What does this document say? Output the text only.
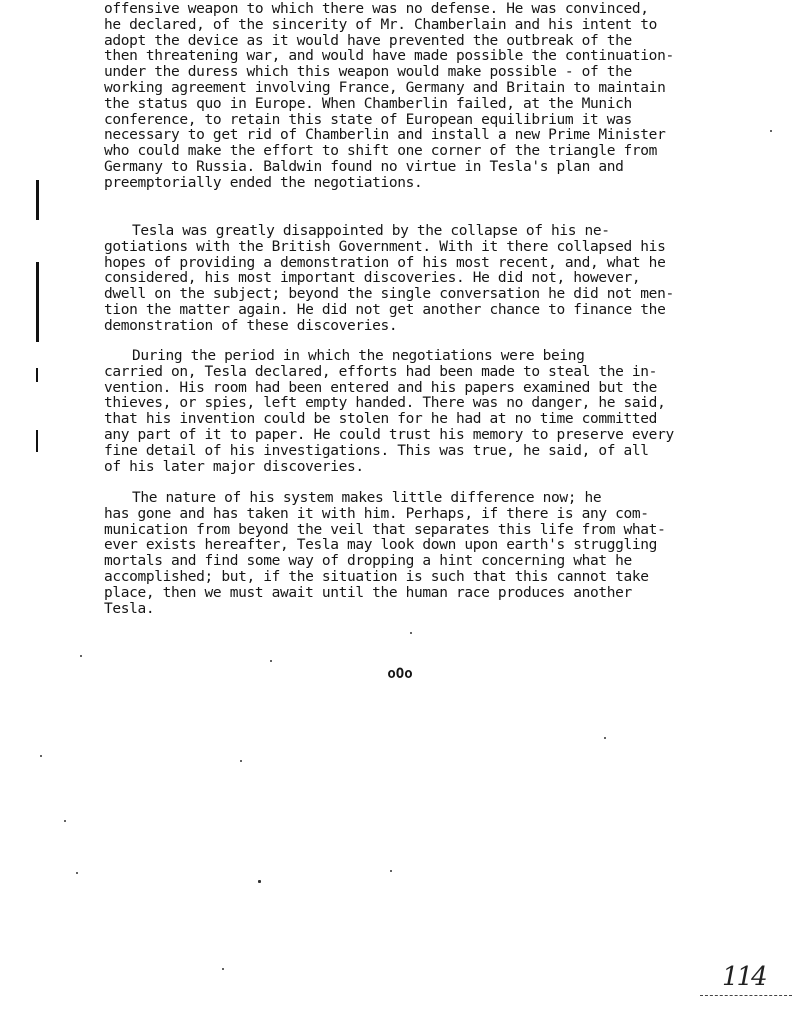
offensive weapon to which there was no defense. He was convinced,
he declared, of the sincerity of Mr. Chamberlain and his intent to
adopt the device as it would have prevented the outbreak of the
then threatening war, and would have made possible the continuation-
under the duress which this weapon would make possible - of the
working agreement involving France, Germany and Britain to maintain
the status quo in Europe. When Chamberlin failed, at the Munich
conference, to retain this state of European equilibrium it was
necessary to get rid of Chamberlin and install a new Prime Minister
who could make the effort to shift one corner of the triangle from
Germany to Russia. Baldwin found no virtue in Tesla's plan and
preemptorially ended the negotiations.
Tesla was greatly disappointed by the collapse of his ne-
gotiations with the British Government. With it there collapsed his
hopes of providing a demonstration of his most recent, and, what he
considered, his most important discoveries. He did not, however,
dwell on the subject; beyond the single conversation he did not men-
tion the matter again. He did not get another chance to finance the
demonstration of these discoveries.
During the period in which the negotiations were being
carried on, Tesla declared, efforts had been made to steal the in-
vention. His room had been entered and his papers examined but the
thieves, or spies, left empty handed. There was no danger, he said,
that his invention could be stolen for he had at no time committed
any part of it to paper. He could trust his memory to preserve every
fine detail of his investigations. This was true, he said, of all
of his later major discoveries.
The nature of his system makes little difference now; he
has gone and has taken it with him. Perhaps, if there is any com-
munication from beyond the veil that separates this life from what-
ever exists hereafter, Tesla may look down upon earth's struggling
mortals and find some way of dropping a hint concerning what he
accomplished; but, if the situation is such that this cannot take
place, then we must await until the human race produces another
Tesla.
oOo
114
